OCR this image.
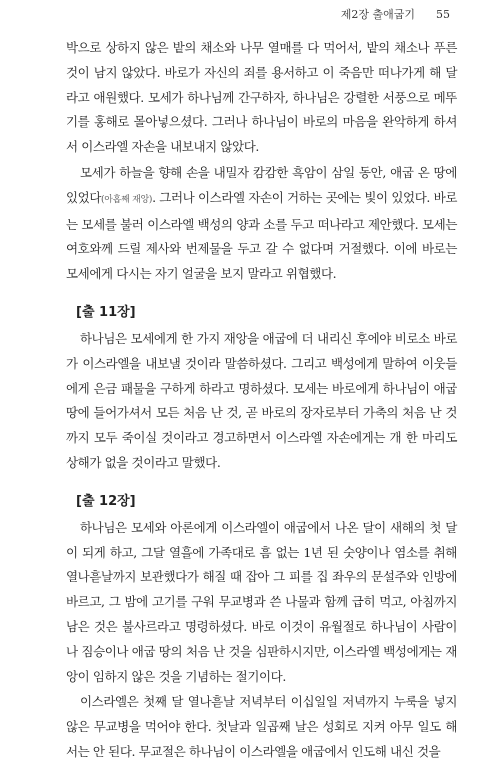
제2장 출애굽기 55

박으로 상하지 않은 밭의 채소와 나무 열매를 다 먹어서, 밭의 채소나 푸른 것이 남지 않았다. 바로가 자신의 죄를 용서하고 이 죽음만 떠나가게 해 달라고 애원했다. 모세가 하나님께 간구하자, 하나님은 강렬한 서풍으로 메뚜기를 홍해로 몰아넣으셨다. 그러나 하나님이 바로의 마음을 완악하게 하셔서 이스라엘 자손을 내보내지 않았다.

모세가 하늘을 향해 손을 내밀자 캄캄한 흑암이 삼일 동안, 애굽 온 땅에 있었다(아홉째 재앙). 그러나 이스라엘 자손이 거하는 곳에는 빛이 있었다. 바로는 모세를 불러 이스라엘 백성의 양과 소를 두고 떠나라고 제안했다. 모세는 여호와께 드릴 제사와 번제물을 두고 갈 수 없다며 거절했다. 이에 바로는 모세에게 다시는 자기 얼굴을 보지 말라고 위협했다.

[출 11장]

하나님은 모세에게 한 가지 재앙을 애굽에 더 내리신 후에야 비로소 바로가 이스라엘을 내보낼 것이라 말씀하셨다. 그리고 백성에게 말하여 이웃들에게 은금 패물을 구하게 하라고 명하셨다. 모세는 바로에게 하나님이 애굽 땅에 들어가셔서 모든 처음 난 것, 곧 바로의 장자로부터 가축의 처음 난 것까지 모두 죽이실 것이라고 경고하면서 이스라엘 자손에게는 개 한 마리도 상해가 없을 것이라고 말했다.

[출 12장]

하나님은 모세와 아론에게 이스라엘이 애굽에서 나온 달이 새해의 첫 달이 되게 하고, 그달 열흘에 가족대로 흠 없는 1년 된 숫양이나 염소를 취해 열나흗날까지 보관했다가 해질 때 잡아 그 피를 집 좌우의 문설주와 인방에 바르고, 그 밤에 고기를 구워 무교병과 쓴 나물과 함께 급히 먹고, 아침까지 남은 것은 불사르라고 명령하셨다. 바로 이것이 유월절로 하나님이 사람이나 짐승이나 애굽 땅의 처음 난 것을 심판하시지만, 이스라엘 백성에게는 재앙이 임하지 않은 것을 기념하는 절기이다.

이스라엘은 첫째 달 열나흗날 저녁부터 이십일일 저녁까지 누룩을 넣지 않은 무교병을 먹어야 한다. 첫날과 일곱째 날은 성회로 지켜 아무 일도 해서는 안 된다. 무교절은 하나님이 이스라엘을 애굽에서 인도해 내신 것을
